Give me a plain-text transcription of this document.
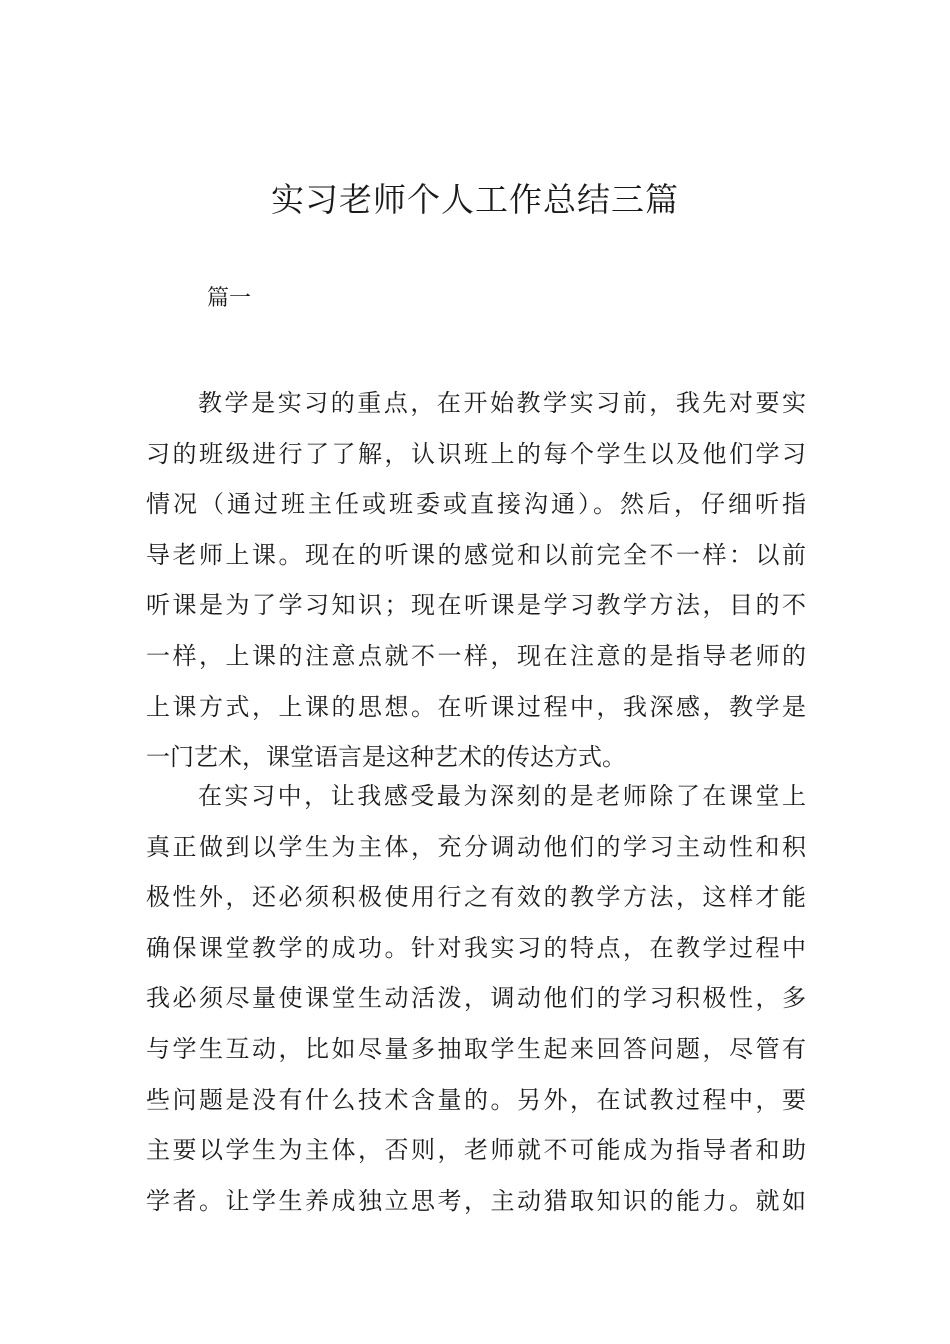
实习老师个人工作总结三篇
篇一
教学是实习的重点，在开始教学实习前，我先对要实
习的班级进行了了解，认识班上的每个学生以及他们学习
情况（通过班主任或班委或直接沟通）。然后，仔细听指
导老师上课。现在的听课的感觉和以前完全不一样：以前
听课是为了学习知识；现在听课是学习教学方法，目的不
一样，上课的注意点就不一样，现在注意的是指导老师的
上课方式，上课的思想。在听课过程中，我深感，教学是
一门艺术，课堂语言是这种艺术的传达方式。
在实习中，让我感受最为深刻的是老师除了在课堂上
真正做到以学生为主体，充分调动他们的学习主动性和积
极性外，还必须积极使用行之有效的教学方法，这样才能
确保课堂教学的成功。针对我实习的特点，在教学过程中
我必须尽量使课堂生动活泼，调动他们的学习积极性，多
与学生互动，比如尽量多抽取学生起来回答问题，尽管有
些问题是没有什么技术含量的。另外，在试教过程中，要
主要以学生为主体，否则，老师就不可能成为指导者和助
学者。让学生养成独立思考，主动猎取知识的能力。就如
